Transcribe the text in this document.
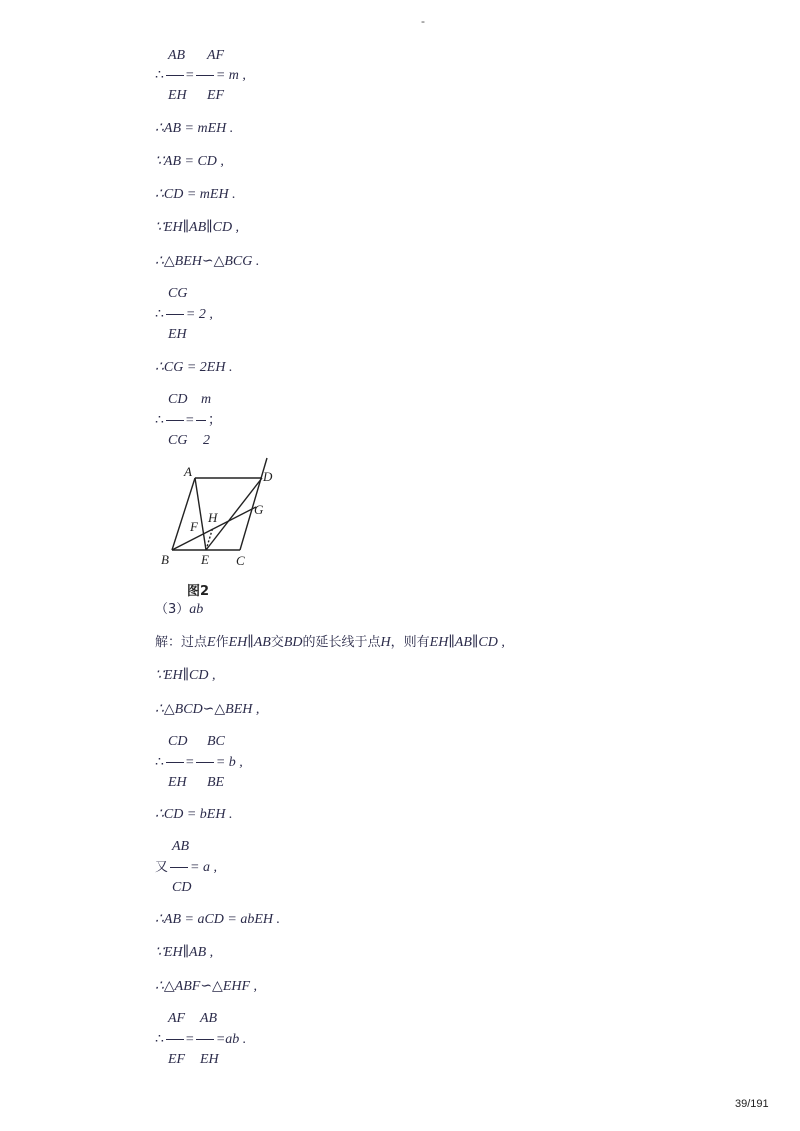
-
AB AF
∴ = = m ,
EH EF
∴AB = mEH .
∵AB = CD ,
∴CD = mEH .
∵EH∥AB∥CD ,
∴△BEH∽△BCG .
CG
∴ = 2 ,
EH
∴CG = 2EH .
CD m
∴ = ；
CG 2
A	D
G
H
F
B E C
图2
（3）ab
解：过点E作EH∥AB交BD的延长线于点H，则有EH∥AB∥CD ,
∵EH∥CD ,
∴△BCD∽△BEH ,
CD BC
∴ = = b ,
EH BE
∴CD = bEH .
AB
又 = a ,
CD
∴AB = aCD = abEH .
∵EH∥AB ,
∴△ABF∽△EHF ,
AF AB
∴ = =ab .
EF EH
39/191
